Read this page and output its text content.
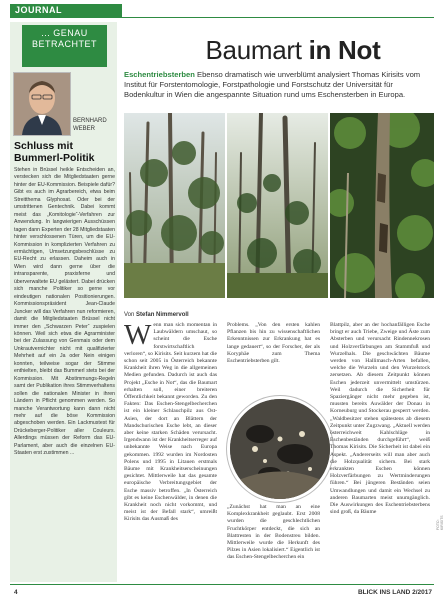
JOURNAL
... GENAU
BETRACHTET
BERNHARD
WEBER
Schluss mit Bummerl-Politik
Stehen in Brüssel heikle Entscheiden an, verstecken sich die Mitgliedstaaten gerne hinter der EU-Kommission. Beispiele dafür? Gibt es auch im Agrarbereich, etwa beim Streitthema Glyphosat. Oder bei der umstrittenen Gentechnik. Dabei kommt meist das „Komitologie“-Verfahren zur Anwendung. In langwierigen Ausschüssen tagen dann Experten der 28 Mitgliedstaaten hinter verschlossenen Türen, um die EU-Kommission in komplizierten Verfahren zu ermächtigen, Umsetzungsbeschlüsse zu EU-Recht zu erlassen. Daheim auch in Wien wird dann gerne über die intransparente, praxisferne und überverwaltete EU gelästert. Dabei drücken sich manche Politiker so gerne vor eindeutigen nationalen Positionierungen. Kommissionspräsident Jean-Claude Juncker will das Verfahren nun reformieren, damit die Mitgliedstaaten Brüssel nicht immer den „Schwarzen Peter“ zuspielen können. Weil sich etwa die Agrarminister bei der Zulassung von Genmais oder dem Unkrautvernichter nicht mit qualifizierter Mehrheit auf ein Ja oder Nein einigen konnten, teilweise sogar der Stimme enthielten, bleibt das Bummerl stets bei der Kommission. Mit Abstimmungs-Regeln samt der Publikation ihres Stimmverhaltens sollen die nationalen Minister in ihren Ländern in Pflicht genommen werden. So manche Verantwortung kann dann nicht mehr auf die böse Kommission abgeschoben werden. Ein Lackmustest für Drückeberger-Politiker aller Couleurs. Allerdings müssen der Reform das EU-Parlament, aber auch die einzelnen EU-Staaten erst zustimmen ...
Baumart in Not
Eschentriebsterben Ebenso dramatisch wie unverblümt analysiert Thomas Kirisits vom Institut für Forstentomologie, Forstpathologie und Forstschutz der Universität für Bodenkultur in Wien die angespannte Situation rund ums Eschensterben in Europa.
Von Stefan Nimmervoll
Wenn man sich momentan in Laubwäldern umschaut, so scheint die Esche forstwirtschaftlich verloren“, so Kirisits. Seit kurzem hat die schon seit 2005 in Österreich bekannte Krankheit ihren Weg in die allgemeinen Medien gefunden. Dadurch ist auch das Projekt „Esche in Not“, das die Baumart erhalten soll, einer breiteren Öffentlichkeit bekannt geworden. Zu den Fakten: Das Eschen-Stengelbecherchen ist ein kleiner Schlauchpilz aus Ost-Asien, der dort an Blättern der Mandschurischen Esche lebt, an dieser aber keine starken Schäden verursacht. Irgendwann ist der Krankheitserreger auf unbekannte Weise nach Europa gekommen. 1992 wurden im Nordosten Polens und 1995 in Litauen erstmals Bäume mit Krankheitserscheinungen gesichtet. Mittlerweile hat das gesamte europäische Verbreitungsgebiet der Esche massiv betroffen. „In Österreich gibt es keine Eschenwälder, in denen die Krankheit noch nicht vorkommt, und meist ist der Befall stark“, umreißt Kirisits das Ausmaß des
Problems. „Von den ersten kahlen Pflanzen bis hin zu wissenschaftlichen Erkenntnissen zur Erkrankung hat es lange gedauert“, so der Forscher, der als Koryphäe zum Thema Eschentriebsterben gilt.
„Zunächst hat man an eine Komplexkrankheit geglaubt. Erst 2008 wurden die geschlechtlichen Fruchtkörper entdeckt, die sich an Blattresten in der Bodenstreu bilden. Mittlerweile wurde die Herkunft des Pilzes in Asien lokalisiert.“ Eigentlich ist das Eschen-Stengelbecherchen ein
Blattpilz, aber an der hochanfälligen Esche bringt er auch Triebe, Zweige und Äste zum Absterben und verursacht Rindennekrosen und Holzverfärbungen am Stammfuß und Wurzelhals. Die geschwächten Bäume werden von Hallimasch-Arten befallen, welche die Wurzeln und den Wurzelstock zersetzen. Ab diesem Zeitpunkt können Eschen jederzeit unvermittelt umstürzen. Weil dadurch die Sicherheit für Spaziergänger nicht mehr gegeben ist, mussten bereits Auwälder der Donau in Korneuburg und Stockerau gesperrt werden. „Waldbesitzer stehen spätestens ab diesem Zeitpunkt unter Zugzwang. „Aktuell werden österreichweit Kahlschläge in Eschenbeständen durchgeführt“, weiß Thomas Kirisits. Die Sicherheit ist dabei ein Aspekt. „Andererseits will man aber auch die Holzqualität sichern. Bei stark erkrankten Eschen können Holzverfärbungen zu Wertminderungen führen.“ Bei jüngeren Beständen seien Umwandlungen und damit ein Wechsel zu anderen Baumarten meist unumgänglich. Die Auswirkungen des Eschentriebsterbens sind groß, da Bäume
FOTO: KIRISITS
4	BLICK INS LAND 2/2017
